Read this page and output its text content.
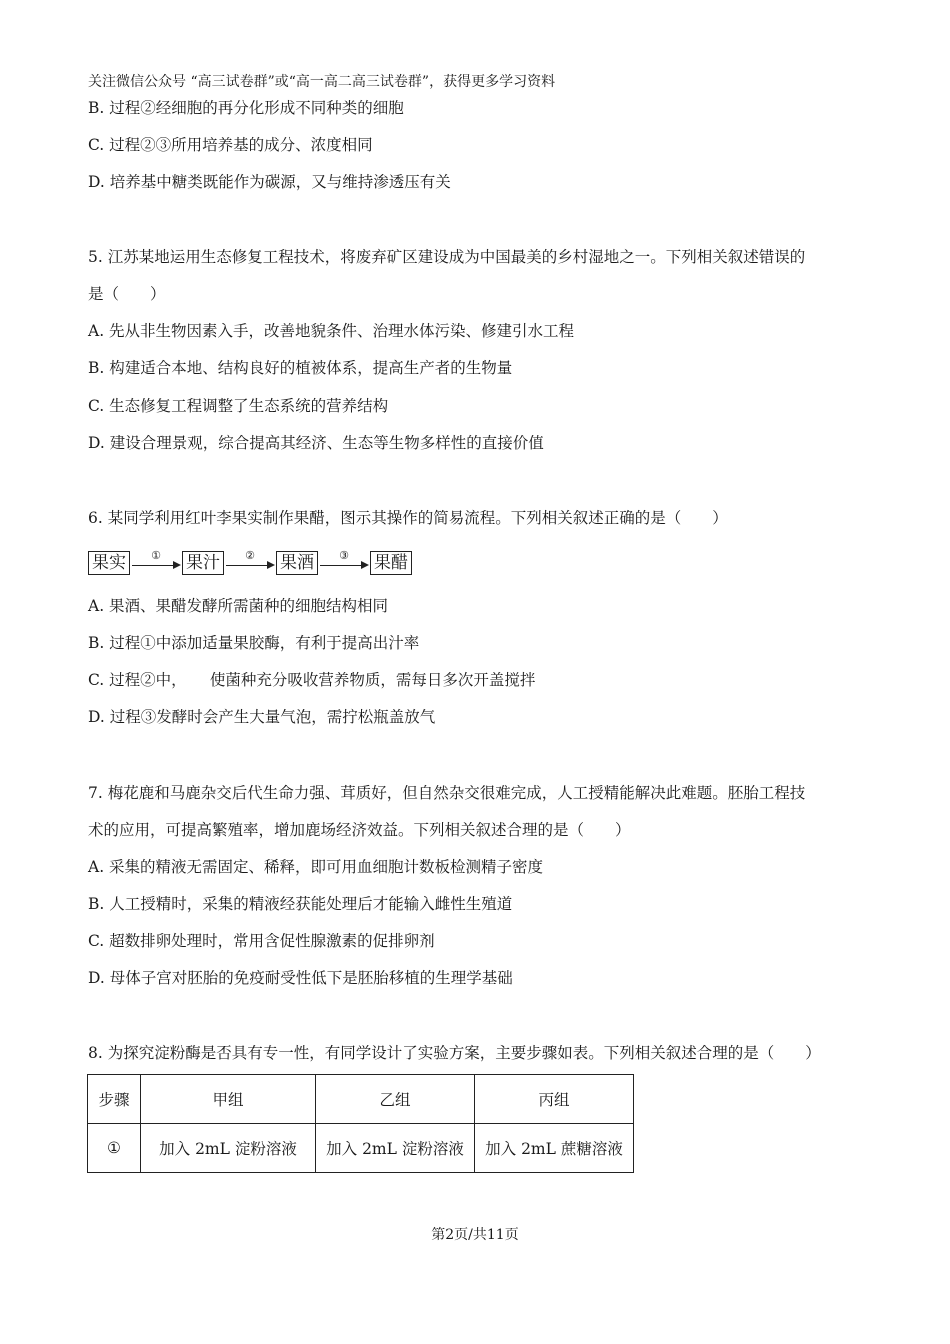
关注微信公众号 “高三试卷群”或“高一高二高三试卷群”，获得更多学习资料
B. 过程②经细胞的再分化形成不同种类的细胞
C. 过程②③所用培养基的成分、浓度相同
D. 培养基中糖类既能作为碳源，又与维持渗透压有关
5. 江苏某地运用生态修复工程技术，将废弃矿区建设成为中国最美的乡村湿地之一。下列相关叙述错误的
是（　　）
A. 先从非生物因素入手，改善地貌条件、治理水体污染、修建引水工程
B. 构建适合本地、结构良好的植被体系，提高生产者的生物量
C. 生态修复工程调整了生态系统的营养结构
D. 建设合理景观，综合提高其经济、生态等生物多样性的直接价值
6. 某同学利用红叶李果实制作果醋，图示其操作的简易流程。下列相关叙述正确的是（　　）
果实	①	果汁	②	果酒	③	果醋
A. 果酒、果醋发酵所需菌种的细胞结构相同
B. 过程①中添加适量果胶酶，有利于提高出汁率
C. 过程②中，　　使菌种充分吸收营养物质，需每日多次开盖搅拌
D. 过程③发酵时会产生大量气泡，需拧松瓶盖放气
7. 梅花鹿和马鹿杂交后代生命力强、茸质好，但自然杂交很难完成，人工授精能解决此难题。胚胎工程技
术的应用，可提高繁殖率，增加鹿场经济效益。下列相关叙述合理的是（　　）
A. 采集的精液无需固定、稀释，即可用血细胞计数板检测精子密度
B. 人工授精时，采集的精液经获能处理后才能输入雌性生殖道
C. 超数排卵处理时，常用含促性腺激素的促排卵剂
D. 母体子宫对胚胎的免疫耐受性低下是胚胎移植的生理学基础
8. 为探究淀粉酶是否具有专一性，有同学设计了实验方案，主要步骤如表。下列相关叙述合理的是（　　）
步骤	甲组	乙组	丙组
①	加入 2mL 淀粉溶液	加入 2mL 淀粉溶液	加入 2mL 蔗糖溶液
第2页/共11页
